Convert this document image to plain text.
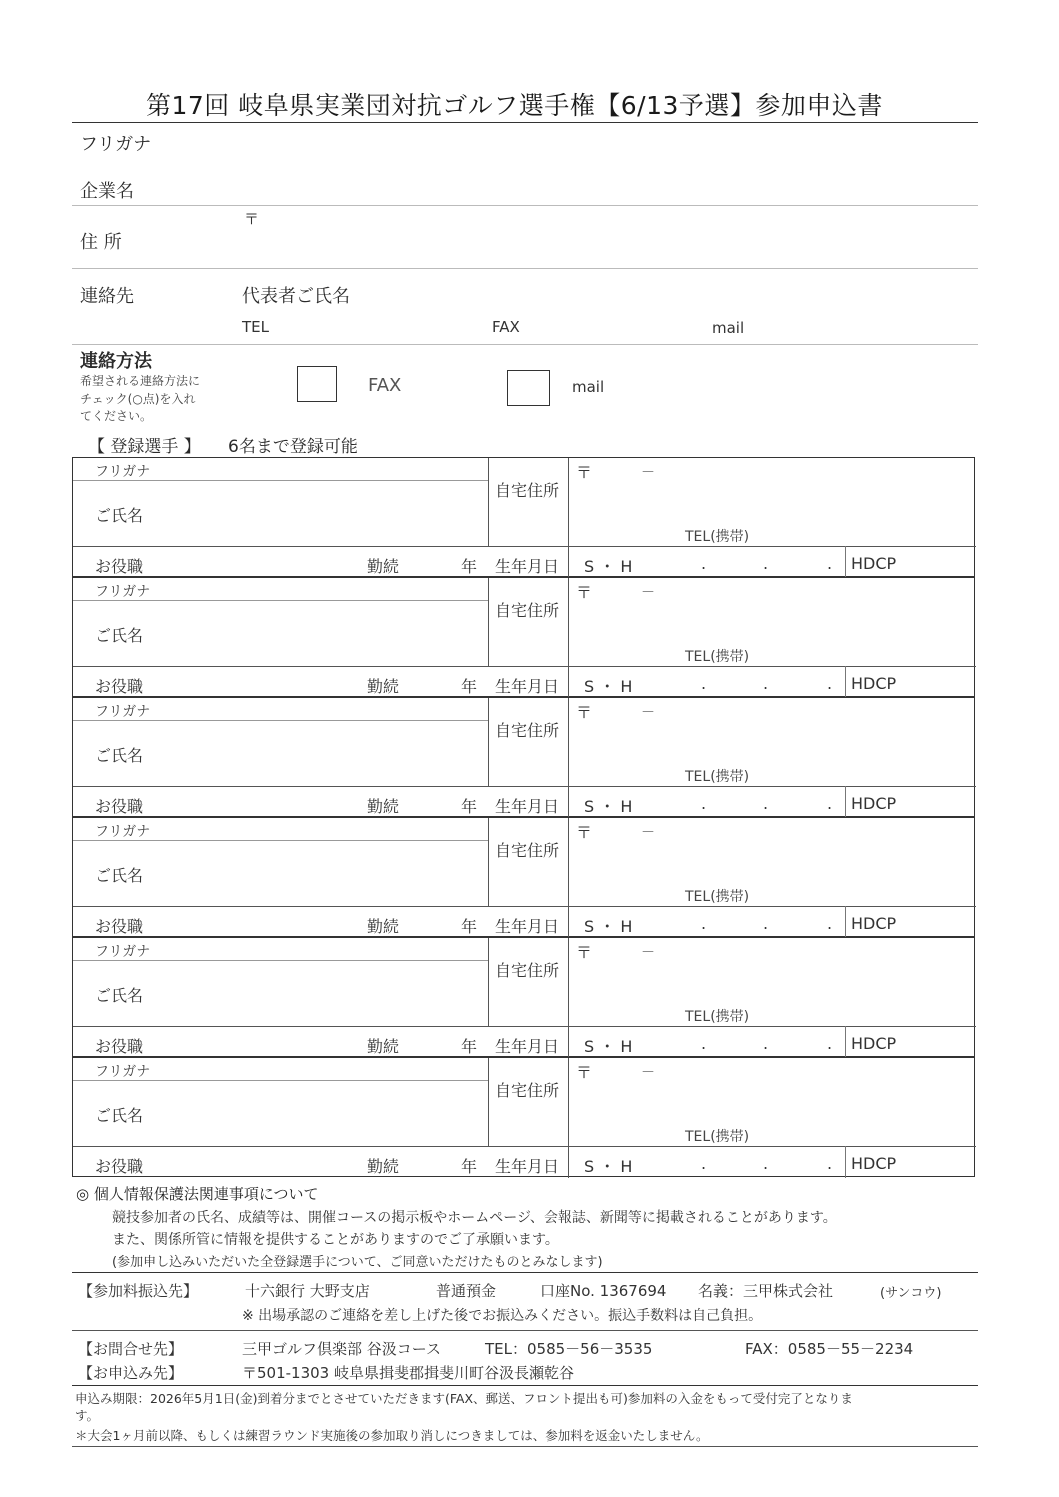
第17回 岐阜県実業団対抗ゴルフ選手権【6/13予選】参加申込書
フリガナ
企業名
住 所
〒
連絡先	代表者ご氏名
TEL	FAX	mail
連絡方法
希望される連絡方法に
チェック(○点)を入れ
てください。
FAX	mail
【 登録選手 】 6名まで登録可能
フリガナ
ご氏名
自宅住所
〒	－
TEL(携帯)
お役職	勤続	年 生年月日 S ・ H	.	.	. HDCP
フリガナ
ご氏名
自宅住所
〒	－
TEL(携帯)
お役職	勤続	年 生年月日 S ・ H	.	.	. HDCP
フリガナ
ご氏名
自宅住所
〒	－
TEL(携帯)
お役職	勤続	年 生年月日 S ・ H	.	.	. HDCP
フリガナ
ご氏名
自宅住所
〒	－
TEL(携帯)
お役職	勤続	年 生年月日 S ・ H	.	.	. HDCP
フリガナ
ご氏名
自宅住所
〒	－
TEL(携帯)
お役職	勤続	年 生年月日 S ・ H	.	.	. HDCP
フリガナ
ご氏名
自宅住所
〒	－
TEL(携帯)
お役職	勤続	年 生年月日 S ・ H	.	.	. HDCP
◎ 個人情報保護法関連事項について
競技参加者の氏名、成績等は、開催コースの掲示板やホームページ、会報誌、新聞等に掲載されることがあります。
また、関係所管に情報を提供することがありますのでご了承願います。
(参加申し込みいただいた全登録選手について、ご同意いただけたものとみなします)
【参加料振込先】	十六銀行 大野支店	普通預金	口座No. 1367694 名義：三甲株式会社	(サンコウ)
※ 出場承認のご連絡を差し上げた後でお振込みください。振込手数料は自己負担。
【お問合せ先】	三甲ゴルフ倶楽部 谷汲コース	TEL：0585－56－3535	FAX：0585－55－2234
【お申込み先】	〒501-1303 岐阜県揖斐郡揖斐川町谷汲長瀬乾谷
申込み期限：2026年5月1日(金)到着分までとさせていただきます(FAX、郵送、フロント提出も可)参加料の入金をもって受付完了となりま
す。
＊大会1ヶ月前以降、もしくは練習ラウンド実施後の参加取り消しにつきましては、参加料を返金いたしません。
